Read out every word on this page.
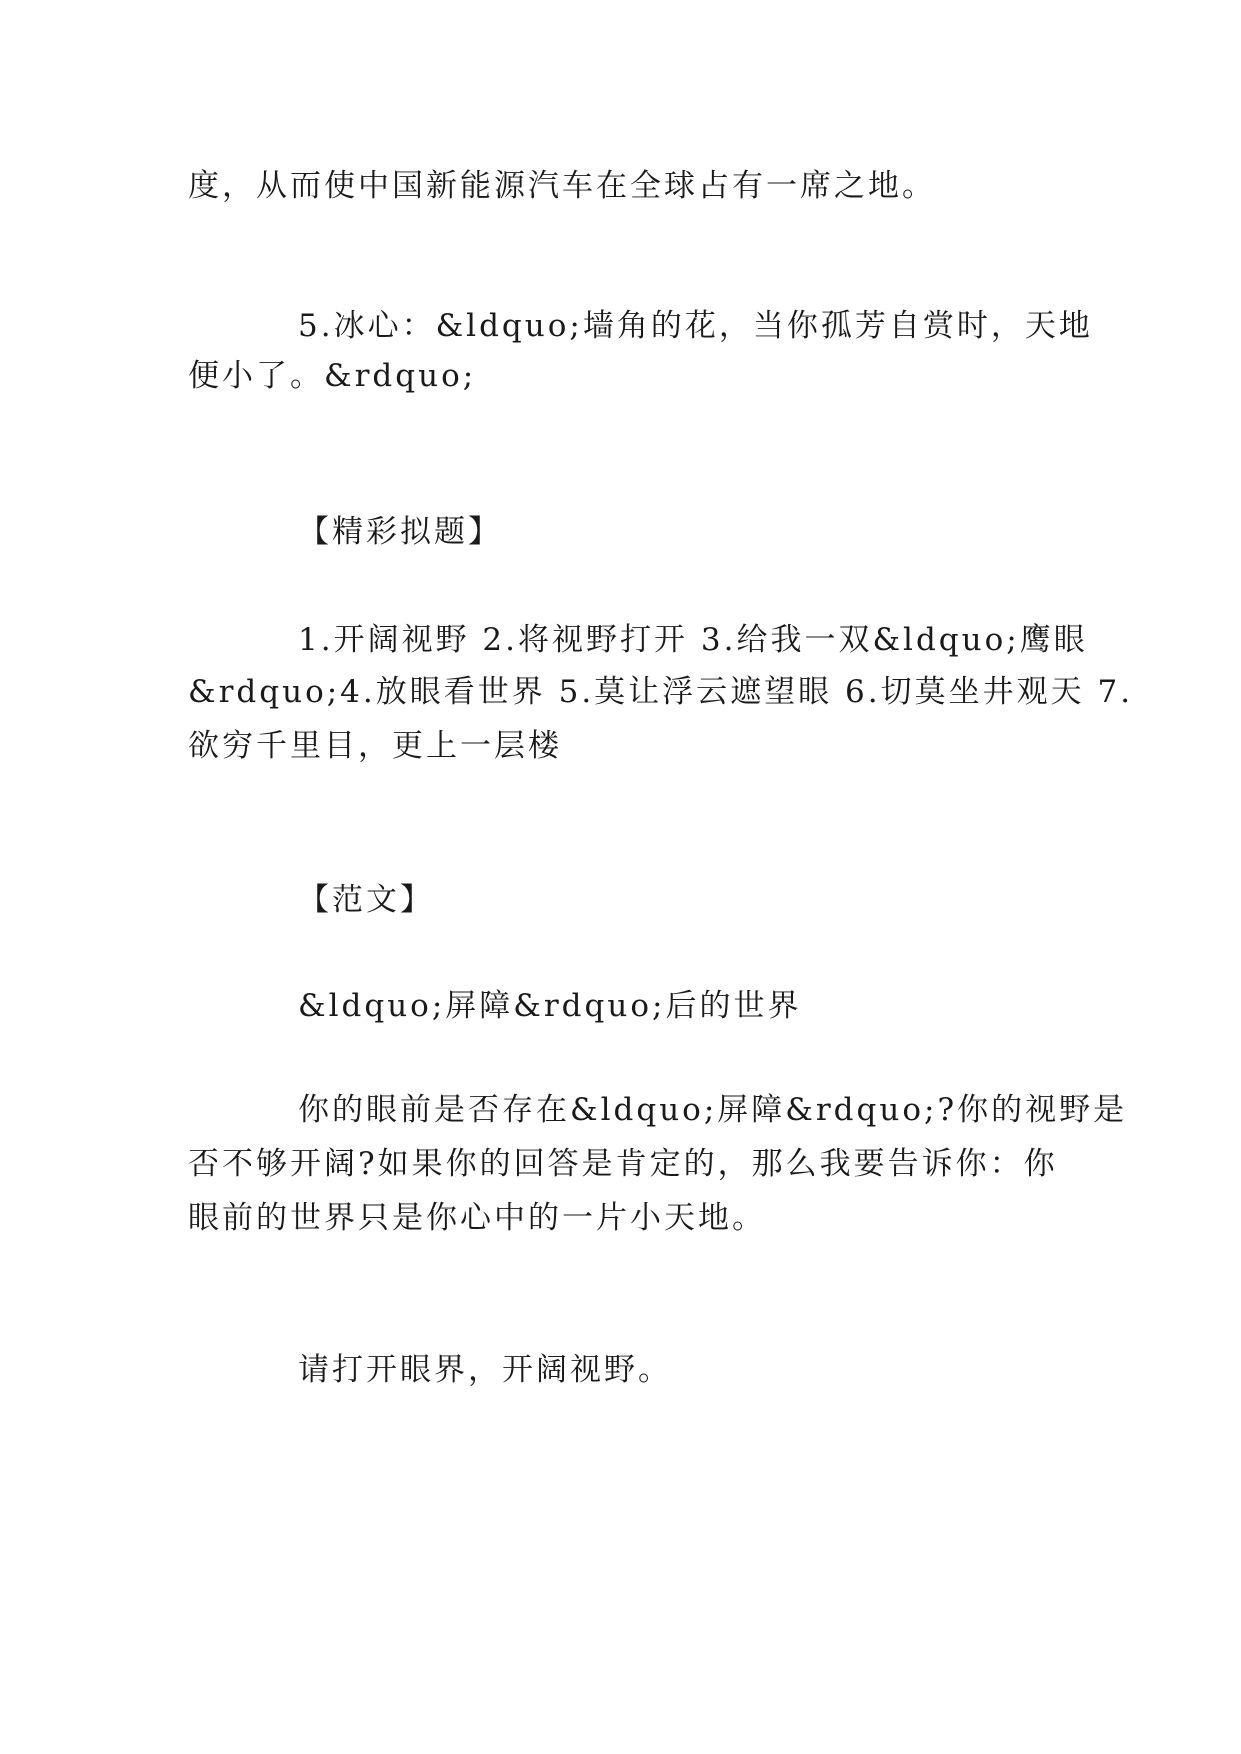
度，从而使中国新能源汽车在全球占有一席之地。
5.冰心：&ldquo;墙角的花，当你孤芳自赏时，天地
便小了。&rdquo;
【精彩拟题】
1.开阔视野 2.将视野打开 3.给我一双&ldquo;鹰眼
&rdquo;4.放眼看世界 5.莫让浮云遮望眼 6.切莫坐井观天 7.
欲穷千里目，更上一层楼
【范文】
&ldquo;屏障&rdquo;后的世界
你的眼前是否存在&ldquo;屏障&rdquo;?你的视野是
否不够开阔?如果你的回答是肯定的，那么我要告诉你：你
眼前的世界只是你心中的一片小天地。
请打开眼界，开阔视野。
